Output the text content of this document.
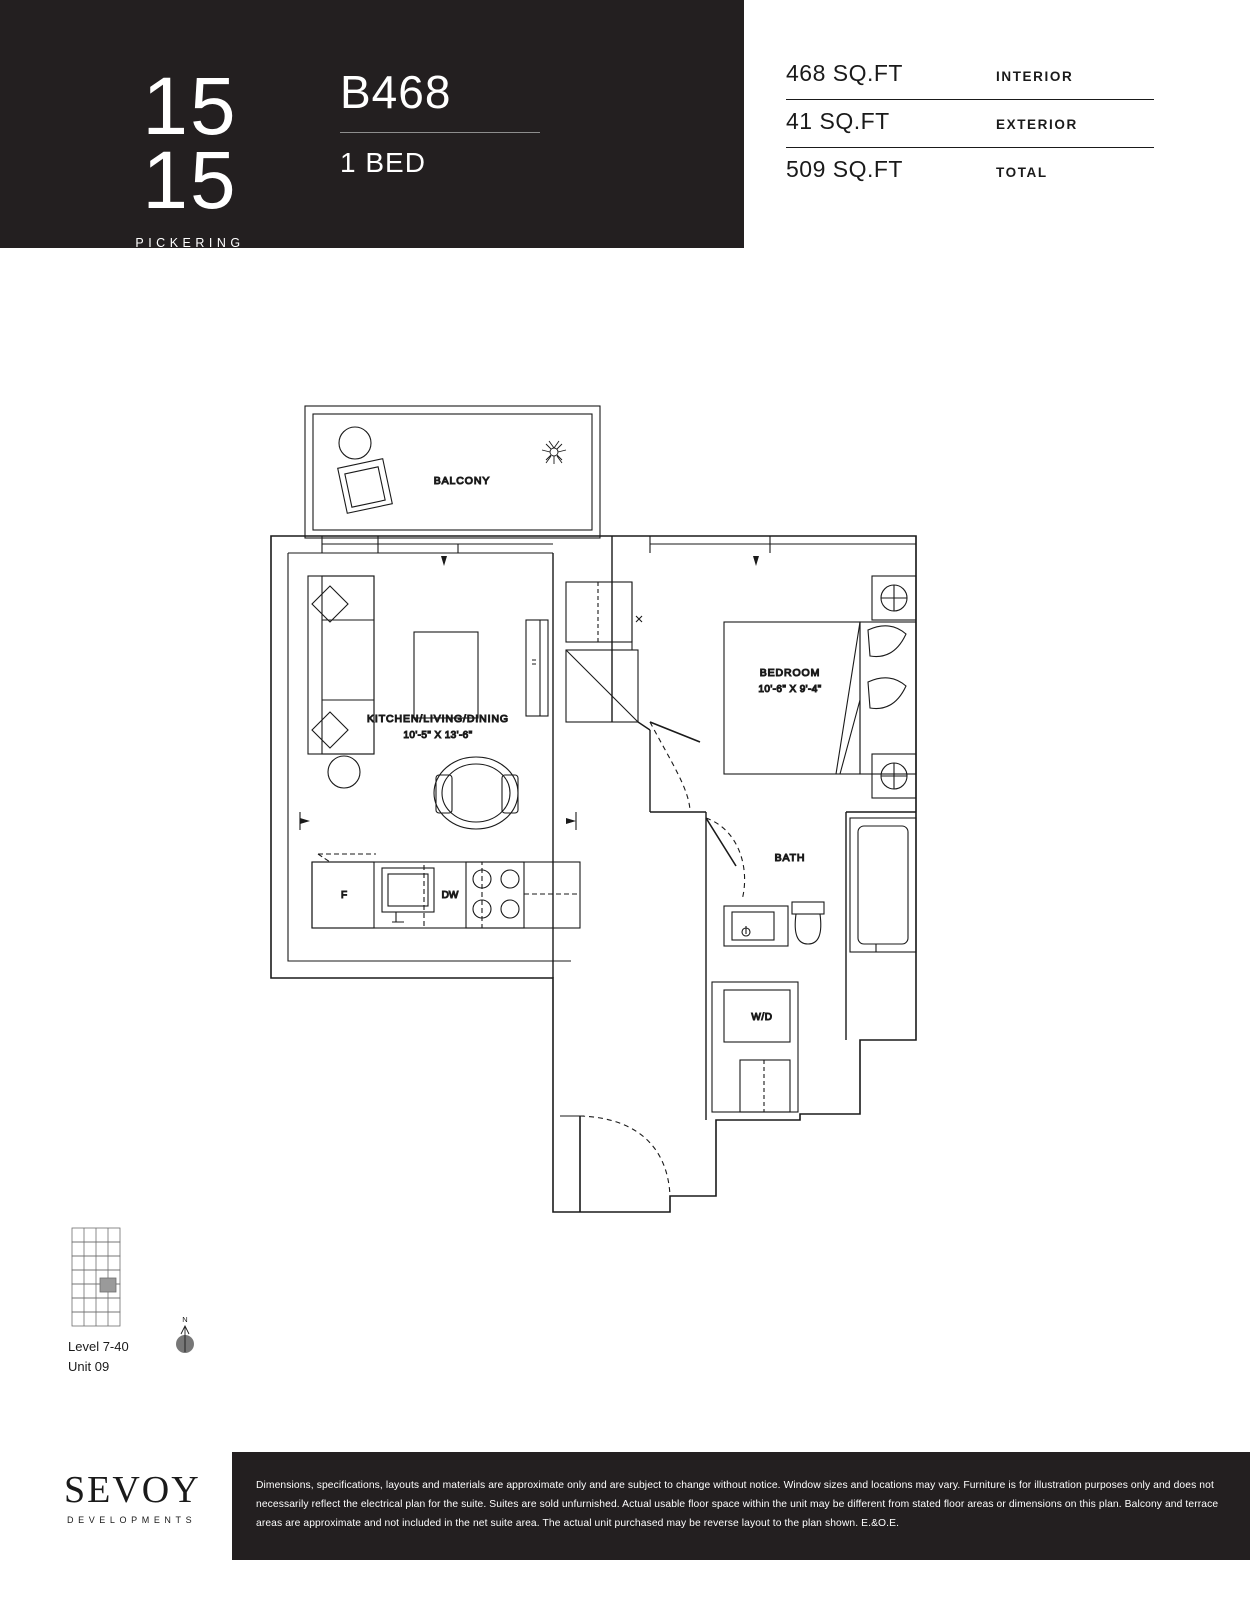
15
15
PICKERING
PARKWAY
B468
1 BED
468 SQ.FT	INTERIOR
41 SQ.FT	EXTERIOR
509 SQ.FT	TOTAL
BALCONY
F	DW
BEDROOM
10'-6" X 9'-4"
BATH
W/D
KITCHEN/LIVING/DINING
10'-5" X 13'-6"
N
Level 7-40
Unit 09
SEVOY
DEVELOPMENTS
Dimensions, specifications, layouts and materials are approximate only and are subject to change without notice. Window sizes and locations may vary. Furniture is for illustration purposes only and does not necessarily reflect the electrical plan for the suite. Suites are sold unfurnished. Actual usable floor space within the unit may be different from stated floor areas or dimensions on this plan. Balcony and terrace areas are approximate and not included in the net suite area. The actual unit purchased may be reverse layout to the plan shown. E.&O.E.
